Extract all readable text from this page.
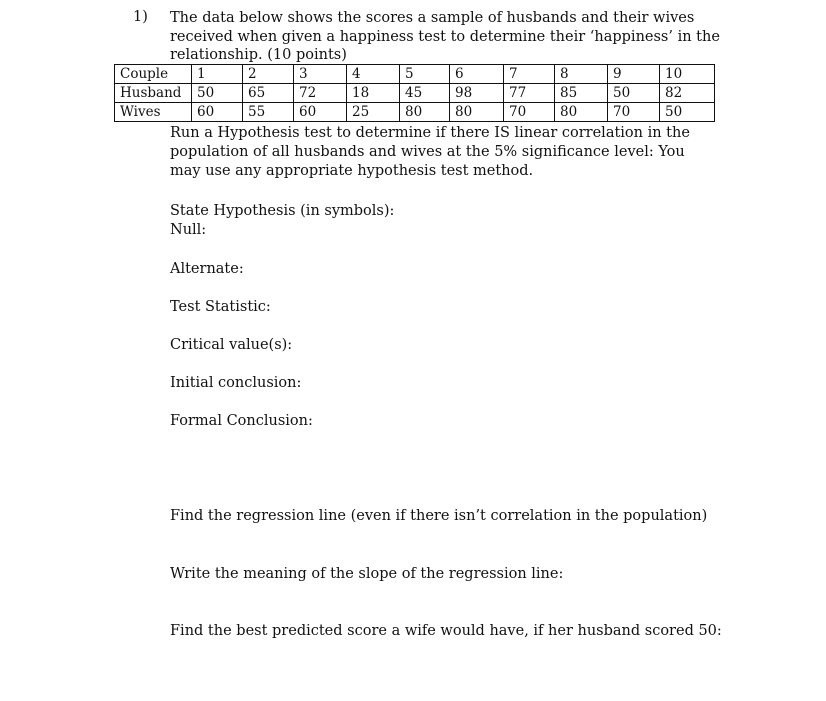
1) The data below shows the scores a sample of husbands and their wives received when given a happiness test to determine their ‘happiness’ in the relationship. (10 points)

Couple	1	2	3	4	5	6	7	8	9	10
Husband	50	65	72	18	45	98	77	85	50	82
Wives	60	55	60	25	80	80	70	80	70	50

Run a Hypothesis test to determine if there IS linear correlation in the population of all husbands and wives at the 5% significance level: You may use any appropriate hypothesis test method.

State Hypothesis (in symbols):

Null:

Alternate:

Test Statistic:

Critical value(s):

Initial conclusion:

Formal Conclusion:

Find the regression line (even if there isn’t correlation in the population)

Write the meaning of the slope of the regression line:

Find the best predicted score a wife would have, if her husband scored 50:
